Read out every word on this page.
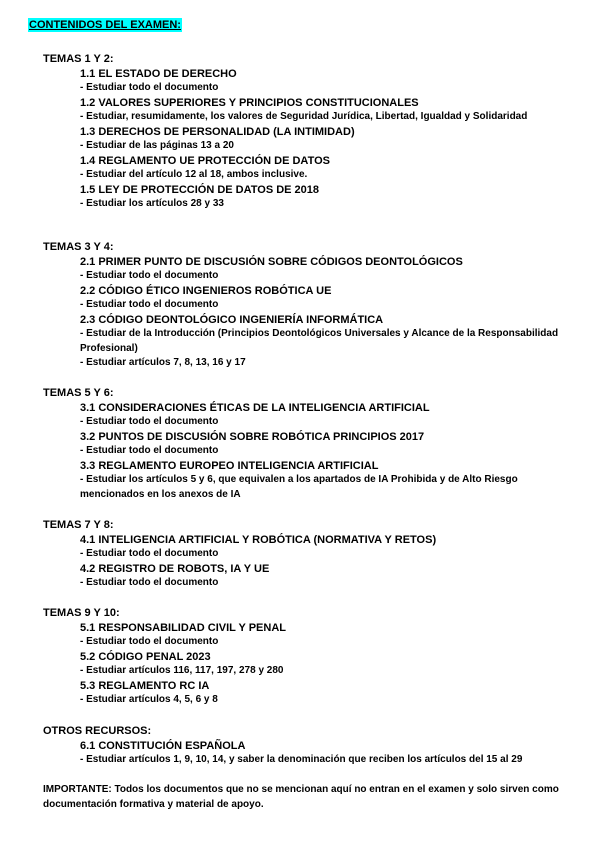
CONTENIDOS DEL EXAMEN:
TEMAS 1 Y 2:
1.1 EL ESTADO DE DERECHO
- Estudiar todo el documento
1.2 VALORES SUPERIORES Y PRINCIPIOS CONSTITUCIONALES
- Estudiar, resumidamente, los valores de Seguridad Jurídica, Libertad, Igualdad y Solidaridad
1.3 DERECHOS DE PERSONALIDAD (LA INTIMIDAD)
- Estudiar de las páginas 13 a 20
1.4 REGLAMENTO UE PROTECCIÓN DE DATOS
- Estudiar del artículo 12 al 18, ambos inclusive.
1.5 LEY DE PROTECCIÓN DE DATOS DE 2018
- Estudiar los artículos 28 y 33
TEMAS 3 Y 4:
2.1 PRIMER PUNTO DE DISCUSIÓN SOBRE CÓDIGOS DEONTOLÓGICOS
- Estudiar todo el documento
2.2 CÓDIGO ÉTICO INGENIEROS ROBÓTICA UE
- Estudiar todo el documento
2.3 CÓDIGO DEONTOLÓGICO INGENIERÍA INFORMÁTICA
- Estudiar de la Introducción (Principios Deontológicos Universales y Alcance de la Responsabilidad Profesional)
- Estudiar artículos 7, 8, 13, 16 y 17
TEMAS 5 Y 6:
3.1 CONSIDERACIONES ÉTICAS DE LA INTELIGENCIA ARTIFICIAL
- Estudiar todo el documento
3.2 PUNTOS DE DISCUSIÓN SOBRE ROBÓTICA PRINCIPIOS 2017
- Estudiar todo el documento
3.3 REGLAMENTO EUROPEO INTELIGENCIA ARTIFICIAL
- Estudiar los artículos 5 y 6, que equivalen a los apartados de IA Prohibida y de Alto Riesgo mencionados en los anexos de IA
TEMAS 7 Y 8:
4.1 INTELIGENCIA ARTIFICIAL Y ROBÓTICA (NORMATIVA Y RETOS)
- Estudiar todo el documento
4.2 REGISTRO DE ROBOTS, IA Y UE
- Estudiar todo el documento
TEMAS 9 Y 10:
5.1 RESPONSABILIDAD CIVIL Y PENAL
- Estudiar todo el documento
5.2 CÓDIGO PENAL 2023
- Estudiar artículos 116, 117, 197, 278 y 280
5.3 REGLAMENTO RC IA
- Estudiar artículos 4, 5, 6 y 8
OTROS RECURSOS:
6.1 CONSTITUCIÓN ESPAÑOLA
- Estudiar artículos 1, 9, 10, 14, y saber la denominación que reciben los artículos del 15 al 29
IMPORTANTE: Todos los documentos que no se mencionan aquí no entran en el examen y solo sirven como documentación formativa y material de apoyo.
